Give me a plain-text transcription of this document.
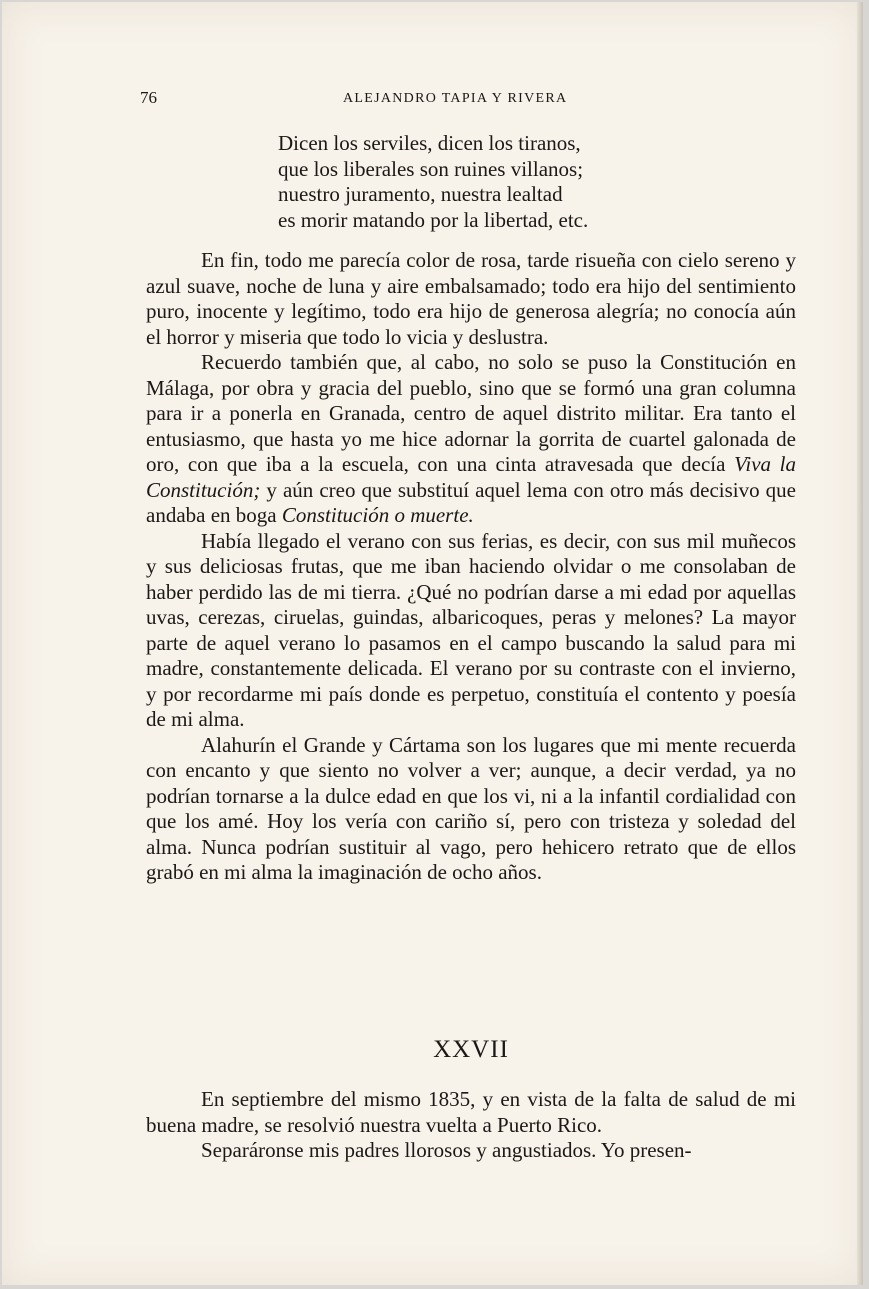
76	ALEJANDRO TAPIA Y RIVERA
Dicen los serviles, dicen los tiranos,
que los liberales son ruines villanos;
nuestro juramento, nuestra lealtad
es morir matando por la libertad, etc.

En fin, todo me parecía color de rosa, tarde risueña con cielo sereno y azul suave, noche de luna y aire embalsamado; todo era hijo del sentimiento puro, inocente y legítimo, todo era hijo de generosa alegría; no conocía aún el horror y miseria que todo lo vicia y deslustra.

Recuerdo también que, al cabo, no solo se puso la Constitución en Málaga, por obra y gracia del pueblo, sino que se formó una gran columna para ir a ponerla en Granada, centro de aquel distrito militar. Era tanto el entusiasmo, que hasta yo me hice adornar la gorrita de cuartel galonada de oro, con que iba a la escuela, con una cinta atravesada que decía Viva la Constitución; y aún creo que substituí aquel lema con otro más decisivo que andaba en boga Constitución o muerte.

Había llegado el verano con sus ferias, es decir, con sus mil muñecos y sus deliciosas frutas, que me iban haciendo olvidar o me consolaban de haber perdido las de mi tierra. ¿Qué no podrían darse a mi edad por aquellas uvas, cerezas, ciruelas, guindas, albaricoques, peras y melones? La mayor parte de aquel verano lo pasamos en el campo buscando la salud para mi madre, constantemente delicada. El verano por su contraste con el invierno, y por recordarme mi país donde es perpetuo, constituía el contento y poesía de mi alma.

Alahurín el Grande y Cártama son los lugares que mi mente recuerda con encanto y que siento no volver a ver; aunque, a decir verdad, ya no podrían tornarse a la dulce edad en que los vi, ni a la infantil cordialidad con que los amé. Hoy los vería con cariño sí, pero con tristeza y soledad del alma. Nunca podrían sustituir al vago, pero hehicero retrato que de ellos grabó en mi alma la imaginación de ocho años.

XXVII

En septiembre del mismo 1835, y en vista de la falta de salud de mi buena madre, se resolvió nuestra vuelta a Puerto Rico.

Separáronse mis padres llorosos y angustiados. Yo presen-
